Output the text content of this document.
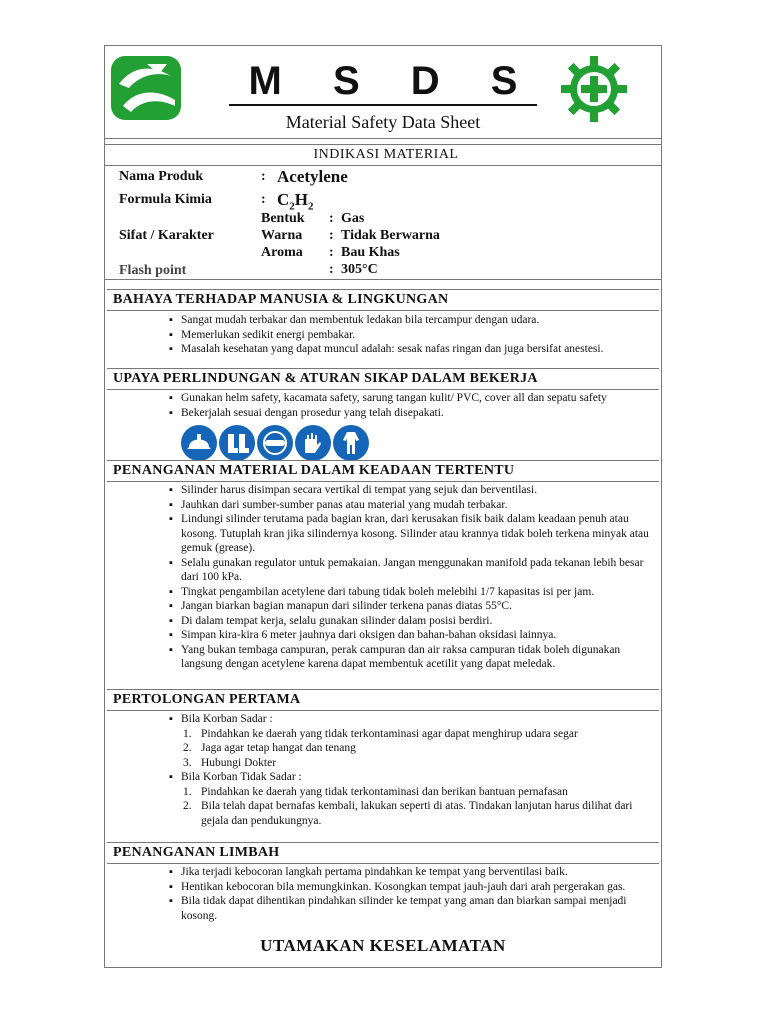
M S D S
Material Safety Data Sheet
INDIKASI MATERIAL
Nama Produk	: Acetylene
Formula Kimia	: $C_2H_2$
Bentuk : Gas
Sifat / Karakter	Warna : Tidak Berwarna
Aroma : Bau Khas
Flash point	: 305°C
BAHAYA TERHADAP MANUSIA & LINGKUNGAN
▪ Sangat mudah terbakar dan membentuk ledakan bila tercampur dengan udara.
▪ Memerlukan sedikit energi pembakar.
▪ Masalah kesehatan yang dapat muncul adalah: sesak nafas ringan dan juga bersifat anestesi.
UPAYA PERLINDUNGAN & ATURAN SIKAP DALAM BEKERJA
▪ Gunakan helm safety, kacamata safety, sarung tangan kulit/ PVC, cover all dan sepatu safety
▪ Bekerjalah sesuai dengan prosedur yang telah disepakati.
PENANGANAN MATERIAL DALAM KEADAAN TERTENTU
▪ Silinder harus disimpan secara vertikal di tempat yang sejuk dan berventilasi.
▪ Jauhkan dari sumber-sumber panas atau material yang mudah terbakar.
▪ Lindungi silinder terutama pada bagian kran, dari kerusakan fisik baik dalam keadaan penuh atau kosong. Tutuplah kran jika silindernya kosong. Silinder atau krannya tidak boleh terkena minyak atau gemuk (grease).
▪ Selalu gunakan regulator untuk pemakaian. Jangan menggunakan manifold pada tekanan lebih besar dari 100 kPa.
▪ Tingkat pengambilan acetylene dari tabung tidak boleh melebihi 1/7 kapasitas isi per jam.
▪ Jangan biarkan bagian manapun dari silinder terkena panas diatas 55°C.
▪ Di dalam tempat kerja, selalu gunakan silinder dalam posisi berdiri.
▪ Simpan kira-kira 6 meter jauhnya dari oksigen dan bahan-bahan oksidasi lainnya.
▪ Yang bukan tembaga campuran, perak campuran dan air raksa campuran tidak boleh digunakan langsung dengan acetylene karena dapat membentuk acetilit yang dapat meledak.
PERTOLONGAN PERTAMA
▪ Bila Korban Sadar :
1. Pindahkan ke daerah yang tidak terkontaminasi agar dapat menghirup udara segar
2. Jaga agar tetap hangat dan tenang
3. Hubungi Dokter
▪ Bila Korban Tidak Sadar :
1. Pindahkan ke daerah yang tidak terkontaminasi dan berikan bantuan pernafasan
2. Bila telah dapat bernafas kembali, lakukan seperti di atas. Tindakan lanjutan harus dilihat dari gejala dan pendukungnya.
PENANGANAN LIMBAH
▪ Jika terjadi kebocoran langkah pertama pindahkan ke tempat yang berventilasi baik.
▪ Hentikan kebocoran bila memungkinkan. Kosongkan tempat jauh-jauh dari arah pergerakan gas.
▪ Bila tidak dapat dihentikan pindahkan silinder ke tempat yang aman dan biarkan sampai menjadi kosong.
UTAMAKAN KESELAMATAN
